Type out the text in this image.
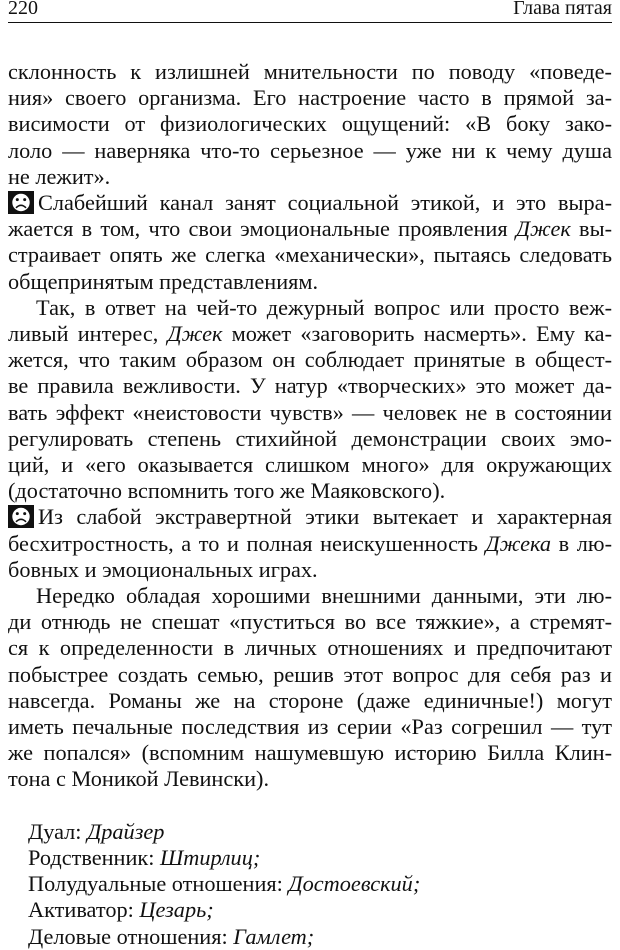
220	Глава пятая

склонность к излишней мнительности по поводу «поведе-
ния» своего организма. Его настроение часто в прямой за-
висимости от физиологических ощущений: «В боку зако-
лоло — наверняка что-то серьезное — уже ни к чему душа
не лежит».

Слабейший канал занят социальной этикой, и это выра-
жается в том, что свои эмоциональные проявления Джек вы-
страивает опять же слегка «механически», пытаясь следовать
общепринятым представлениям.

Так, в ответ на чей-то дежурный вопрос или просто веж-
ливый интерес, Джек может «заговорить насмерть». Ему ка-
жется, что таким образом он соблюдает принятые в общест-
ве правила вежливости. У натур «творческих» это может да-
вать эффект «неистовости чувств» — человек не в состоянии
регулировать степень стихийной демонстрации своих эмо-
ций, и «его оказывается слишком много» для окружающих
(достаточно вспомнить того же Маяковского).

Из слабой экстравертной этики вытекает и характерная
бесхитростность, а то и полная неискушенность Джека в лю-
бовных и эмоциональных играх.

Нередко обладая хорошими внешними данными, эти лю-
ди отнюдь не спешат «пуститься во все тяжкие», а стремят-
ся к определенности в личных отношениях и предпочитают
побыстрее создать семью, решив этот вопрос для себя раз и
навсегда. Романы же на стороне (даже единичные!) могут
иметь печальные последствия из серии «Раз согрешил — тут
же попался» (вспомним нашумевшую историю Билла Клин-
тона с Моникой Левински).

Дуал: Драйзер
Родственник: Штирлиц;
Полудуальные отношения: Достоевский;
Активатор: Цезарь;
Деловые отношения: Гамлет;
